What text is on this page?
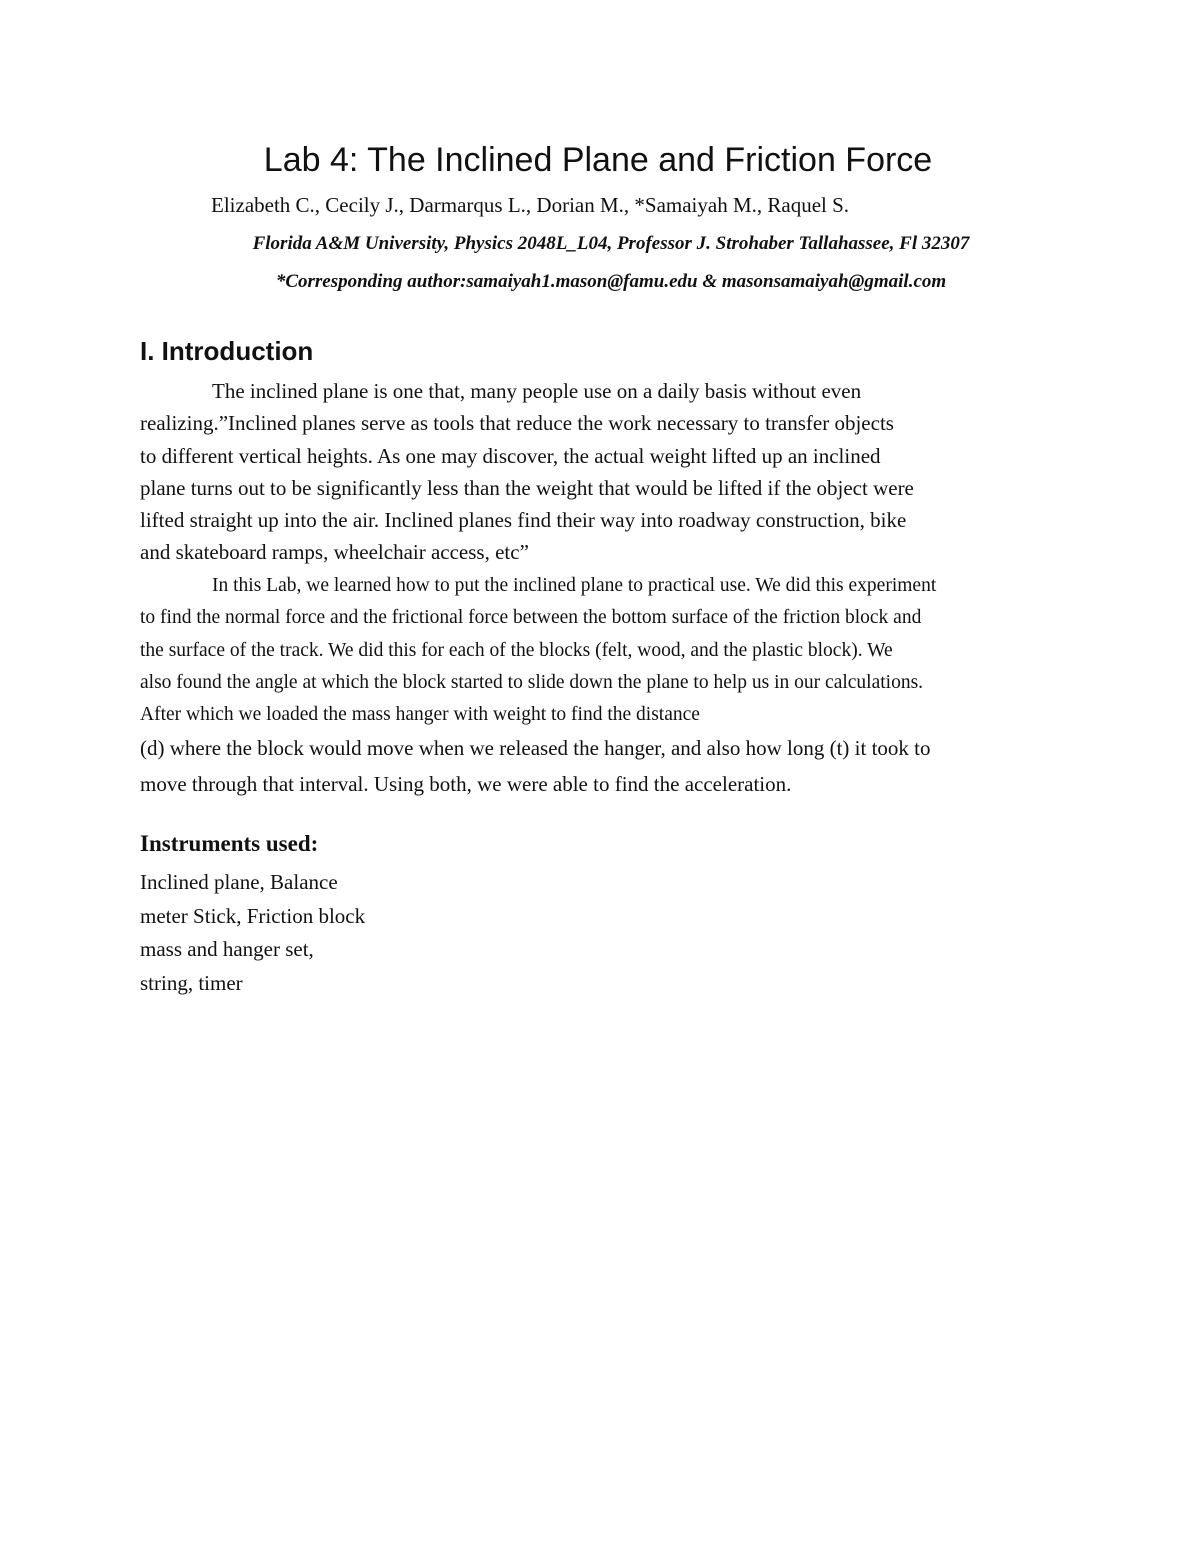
Lab 4: The Inclined Plane and Friction Force
Elizabeth C., Cecily J., Darmarqus L., Dorian M., *Samaiyah M., Raquel S.
Florida A&M University, Physics 2048L_L04, Professor J. Strohaber Tallahassee, Fl 32307
*Corresponding author:samaiyah1.mason@famu.edu & masonsamaiyah@gmail.com
I. Introduction

The inclined plane is one that, many people use on a daily basis without even
realizing.”Inclined planes serve as tools that reduce the work necessary to transfer objects
to different vertical heights. As one may discover, the actual weight lifted up an inclined
plane turns out to be significantly less than the weight that would be lifted if the object were
lifted straight up into the air. Inclined planes find their way into roadway construction, bike
and skateboard ramps, wheelchair access, etc”

In this Lab, we learned how to put the inclined plane to practical use. We did this experiment
to find the normal force and the frictional force between the bottom surface of the friction block and
the surface of the track. We did this for each of the blocks (felt, wood, and the plastic block). We
also found the angle at which the block started to slide down the plane to help us in our calculations.
After which we loaded the mass hanger with weight to find the distance
(d) where the block would move when we released the hanger, and also how long (t) it took to
move through that interval. Using both, we were able to find the acceleration.

Instruments used:
Inclined plane, Balance
meter Stick, Friction block
mass and hanger set,
string, timer
